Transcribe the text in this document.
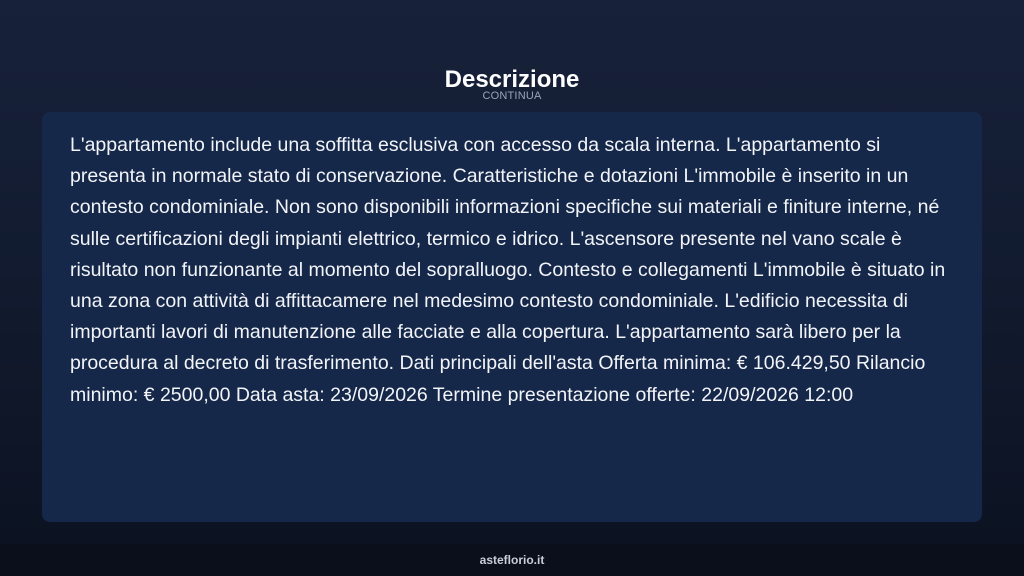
Descrizione
CONTINUA

L'appartamento include una soffitta esclusiva con accesso da scala interna. L'appartamento si presenta in normale stato di conservazione. Caratteristiche e dotazioni L'immobile è inserito in un contesto condominiale. Non sono disponibili informazioni specifiche sui materiali e finiture interne, né sulle certificazioni degli impianti elettrico, termico e idrico. L'ascensore presente nel vano scale è risultato non funzionante al momento del sopralluogo. Contesto e collegamenti L'immobile è situato in una zona con attività di affittacamere nel medesimo contesto condominiale. L'edificio necessita di importanti lavori di manutenzione alle facciate e alla copertura. L'appartamento sarà libero per la procedura al decreto di trasferimento. Dati principali dell'asta Offerta minima: € 106.429,50 Rilancio minimo: € 2500,00 Data asta: 23/09/2026 Termine presentazione offerte: 22/09/2026 12:00

asteflorio.it
